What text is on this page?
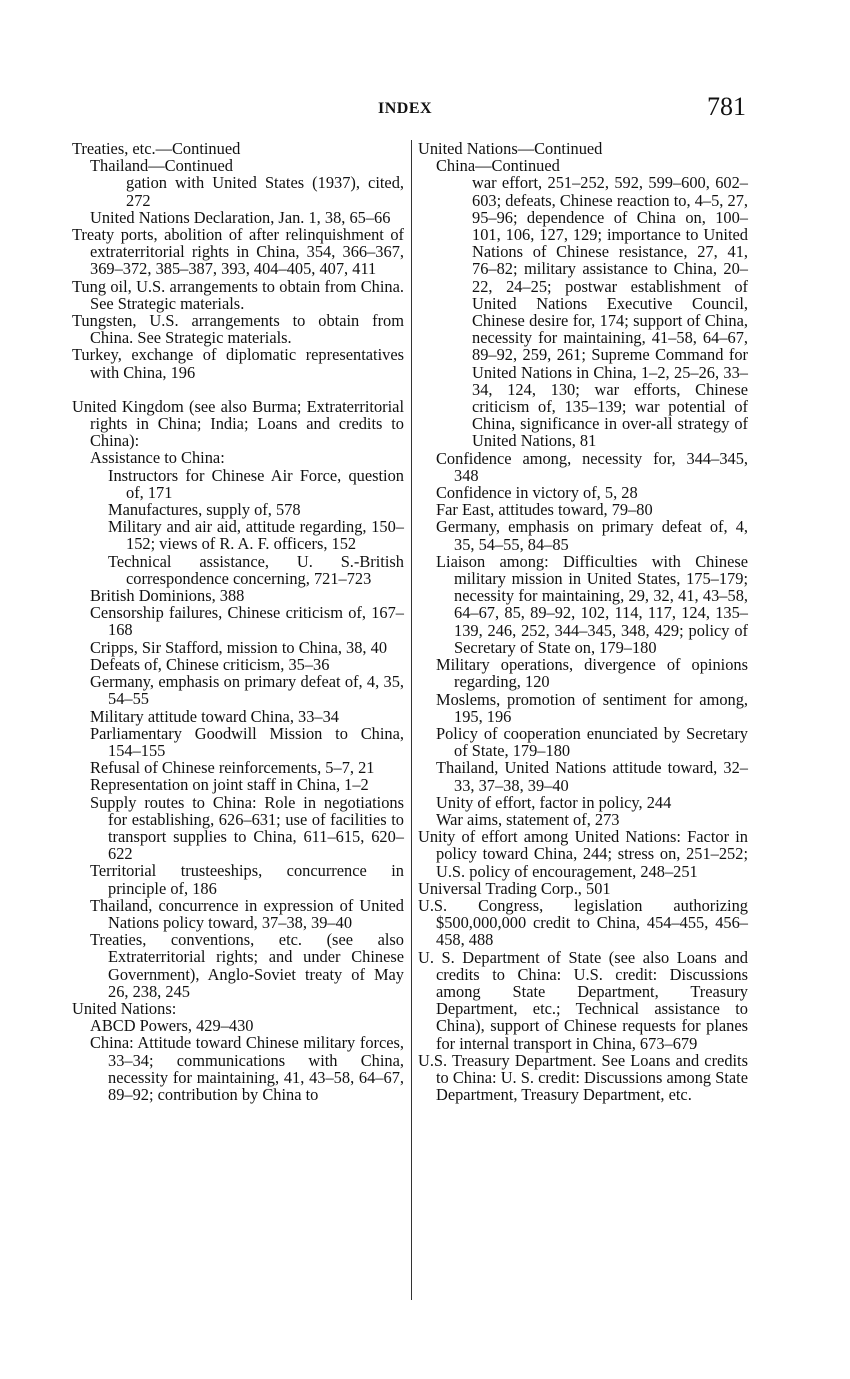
INDEX	781
Treaties, etc.—Continued
Thailand—Continued
gation with United States (1937), cited, 272
United Nations Declaration, Jan. 1, 38, 65–66
Treaty ports, abolition of after relinquishment of extraterritorial rights in China, 354, 366–367, 369–372, 385–387, 393, 404–405, 407, 411
Tung oil, U.S. arrangements to obtain from China. See Strategic materials.
Tungsten, U.S. arrangements to obtain from China. See Strategic materials.
Turkey, exchange of diplomatic representatives with China, 196
United Kingdom (see also Burma; Extraterritorial rights in China; India; Loans and credits to China):
Assistance to China:
Instructors for Chinese Air Force, question of, 171
Manufactures, supply of, 578
Military and air aid, attitude regarding, 150–152; views of R. A. F. officers, 152
Technical assistance, U. S.-British correspondence concerning, 721–723
British Dominions, 388
Censorship failures, Chinese criticism of, 167–168
Cripps, Sir Stafford, mission to China, 38, 40
Defeats of, Chinese criticism, 35–36
Germany, emphasis on primary defeat of, 4, 35, 54–55
Military attitude toward China, 33–34
Parliamentary Goodwill Mission to China, 154–155
Refusal of Chinese reinforcements, 5–7, 21
Representation on joint staff in China, 1–2
Supply routes to China: Role in negotiations for establishing, 626–631; use of facilities to transport supplies to China, 611–615, 620–622
Territorial trusteeships, concurrence in principle of, 186
Thailand, concurrence in expression of United Nations policy toward, 37–38, 39–40
Treaties, conventions, etc. (see also Extraterritorial rights; and under Chinese Government), Anglo-Soviet treaty of May 26, 238, 245
United Nations:
ABCD Powers, 429–430
China: Attitude toward Chinese military forces, 33–34; communications with China, necessity for maintaining, 41, 43–58, 64–67, 89–92; contribution by China to
United Nations—Continued
China—Continued
war effort, 251–252, 592, 599–600, 602–603; defeats, Chinese reaction to, 4–5, 27, 95–96; dependence of China on, 100–101, 106, 127, 129; importance to United Nations of Chinese resistance, 27, 41, 76–82; military assistance to China, 20–22, 24–25; postwar establishment of United Nations Executive Council, Chinese desire for, 174; support of China, necessity for maintaining, 41–58, 64–67, 89–92, 259, 261; Supreme Command for United Nations in China, 1–2, 25–26, 33–34, 124, 130; war efforts, Chinese criticism of, 135–139; war potential of China, significance in over-all strategy of United Nations, 81
Confidence among, necessity for, 344–345, 348
Confidence in victory of, 5, 28
Far East, attitudes toward, 79–80
Germany, emphasis on primary defeat of, 4, 35, 54–55, 84–85
Liaison among: Difficulties with Chinese military mission in United States, 175–179; necessity for maintaining, 29, 32, 41, 43–58, 64–67, 85, 89–92, 102, 114, 117, 124, 135–139, 246, 252, 344–345, 348, 429; policy of Secretary of State on, 179–180
Military operations, divergence of opinions regarding, 120
Moslems, promotion of sentiment for among, 195, 196
Policy of cooperation enunciated by Secretary of State, 179–180
Thailand, United Nations attitude toward, 32–33, 37–38, 39–40
Unity of effort, factor in policy, 244
War aims, statement of, 273
Unity of effort among United Nations: Factor in policy toward China, 244; stress on, 251–252; U.S. policy of encouragement, 248–251
Universal Trading Corp., 501
U.S. Congress, legislation authorizing $500,000,000 credit to China, 454–455, 456–458, 488
U. S. Department of State (see also Loans and credits to China: U.S. credit: Discussions among State Department, Treasury Department, etc.; Technical assistance to China), support of Chinese requests for planes for internal transport in China, 673–679
U.S. Treasury Department. See Loans and credits to China: U. S. credit: Discussions among State Department, Treasury Department, etc.
